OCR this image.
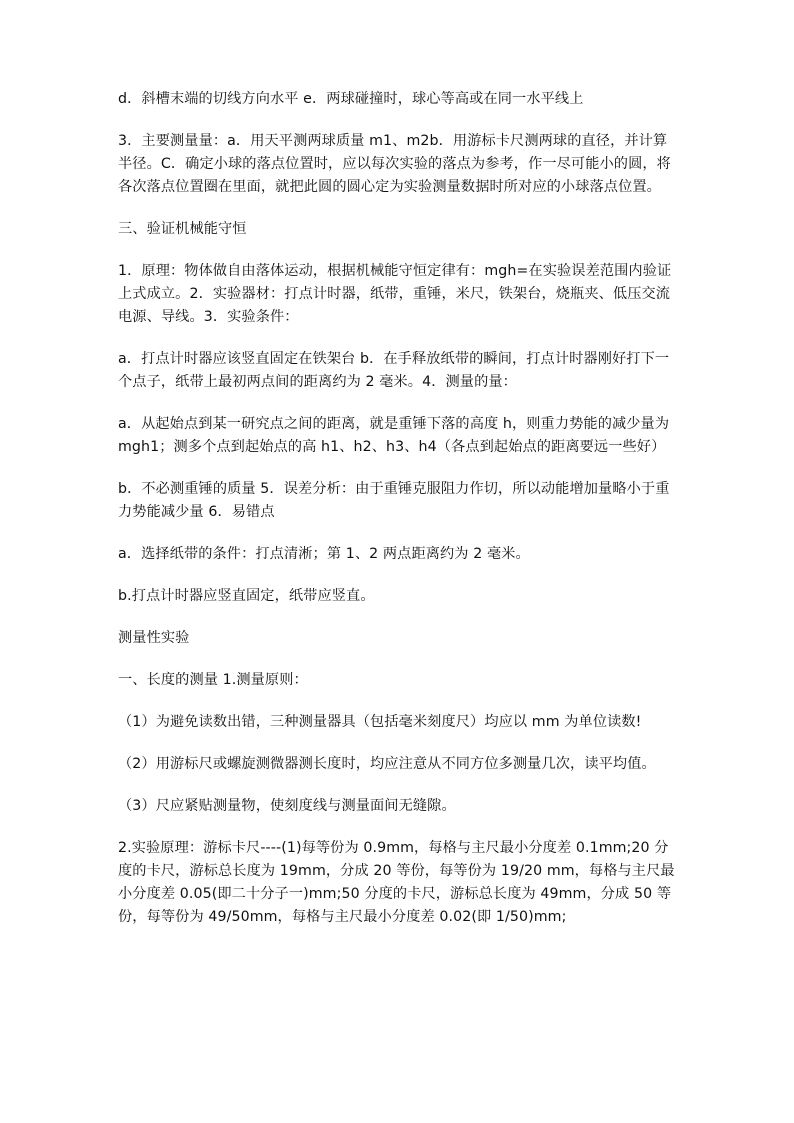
d．斜槽末端的切线方向水平 e．两球碰撞时，球心等高或在同一水平线上

3．主要测量量：a．用天平测两球质量 m1、m2b．用游标卡尺测两球的直径，并计算半径。C．确定小球的落点位置时，应以每次实验的落点为参考，作一尽可能小的圆，将各次落点位置圈在里面，就把此圆的圆心定为实验测量数据时所对应的小球落点位置。

三、验证机械能守恒

1．原理：物体做自由落体运动，根据机械能守恒定律有：mgh=在实验误差范围内验证上式成立。2．实验器材：打点计时器，纸带，重锤，米尺，铁架台，烧瓶夹、低压交流电源、导线。3．实验条件：

a．打点计时器应该竖直固定在铁架台 b．在手释放纸带的瞬间，打点计时器刚好打下一个点子，纸带上最初两点间的距离约为 2 毫米。4．测量的量：

a．从起始点到某一研究点之间的距离，就是重锤下落的高度 h，则重力势能的减少量为 mgh1；测多个点到起始点的高 h1、h2、h3、h4（各点到起始点的距离要远一些好）

b．不必测重锤的质量 5．误差分析：由于重锤克服阻力作切，所以动能增加量略小于重力势能减少量 6．易错点

a．选择纸带的条件：打点清淅；第 1、2 两点距离约为 2 毫米。

b.打点计时器应竖直固定，纸带应竖直。

测量性实验

一、长度的测量 1.测量原则：

（1）为避免读数出错，三种测量器具（包括毫米刻度尺）均应以 mm 为单位读数!

（2）用游标尺或螺旋测微器测长度时，均应注意从不同方位多测量几次，读平均值。

（3）尺应紧贴测量物，使刻度线与测量面间无缝隙。

2.实验原理：游标卡尺----(1)每等份为 0.9mm，每格与主尺最小分度差 0.1mm;20 分度的卡尺，游标总长度为 19mm，分成 20 等份，每等份为 19/20 mm，每格与主尺最小分度差 0.05(即二十分子一)mm;50 分度的卡尺，游标总长度为 49mm，分成 50 等份，每等份为 49/50mm，每格与主尺最小分度差 0.02(即 1/50)mm;
